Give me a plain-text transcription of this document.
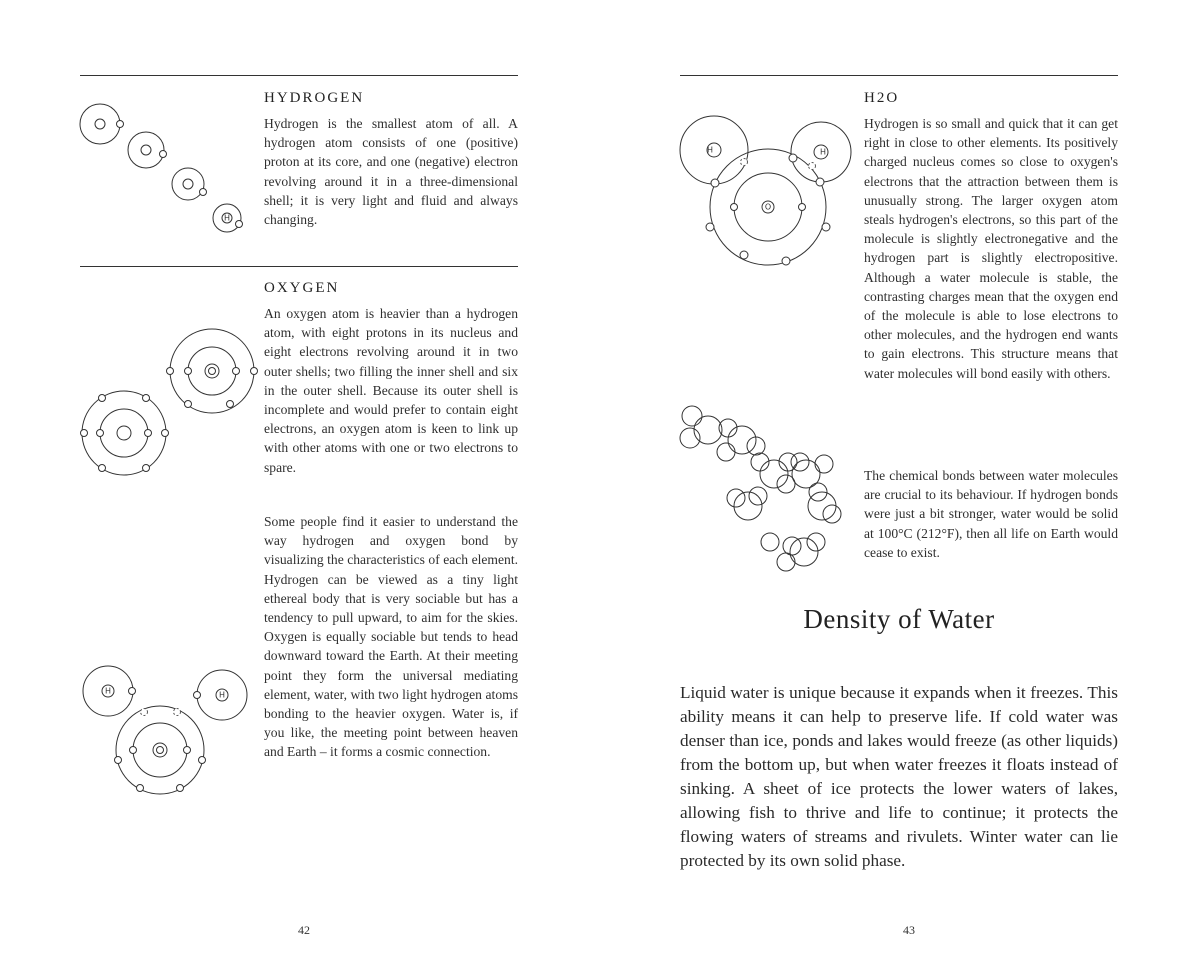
H
HYDROGEN

Hydrogen is the smallest atom of all. A hydrogen atom consists of one (positive) proton at its core, and one (negative) electron revolving around it in a three-dimensional shell; it is very light and fluid and always changing.

OXYGEN

An oxygen atom is heavier than a hydrogen atom, with eight protons in its nucleus and eight electrons revolving around it in two outer shells; two filling the inner shell and six in the outer shell. Because its outer shell is incomplete and would prefer to contain eight electrons, an oxygen atom is keen to link up with other atoms with one or two electrons to spare.

H	H

Some people find it easier to understand the way hydrogen and oxygen bond by visualizing the characteristics of each element. Hydrogen can be viewed as a tiny light ethereal body that is very sociable but has a tendency to pull upward, to aim for the skies. Oxygen is equally sociable but tends to head downward toward the Earth. At their meeting point they form the universal mediating element, water, with two light hydrogen atoms bonding to the heavier oxygen. Water is, if you like, the meeting point between heaven and Earth – it forms a cosmic connection.

42
H	H
O
H2O

Hydrogen is so small and quick that it can get right in close to other elements. Its positively charged nucleus comes so close to oxygen's electrons that the attraction between them is unusually strong. The larger oxygen atom steals hydrogen's electrons, so this part of the molecule is slightly electronegative and the hydrogen part is slightly electropositive. Although a water molecule is stable, the contrasting charges mean that the oxygen end of the molecule is able to lose electrons to other molecules, and the hydrogen end wants to gain electrons. This structure means that water molecules will bond easily with others.

The chemical bonds between water molecules are crucial to its behaviour. If hydrogen bonds were just a bit stronger, water would be solid at 100°C (212°F), then all life on Earth would cease to exist.

Density of Water

Liquid water is unique because it expands when it freezes. This ability means it can help to preserve life. If cold water was denser than ice, ponds and lakes would freeze (as other liquids) from the bottom up, but when water freezes it floats instead of sinking. A sheet of ice protects the lower waters of lakes, allowing fish to thrive and life to continue; it protects the flowing waters of streams and rivulets. Winter water can lie protected by its own solid phase.

43
